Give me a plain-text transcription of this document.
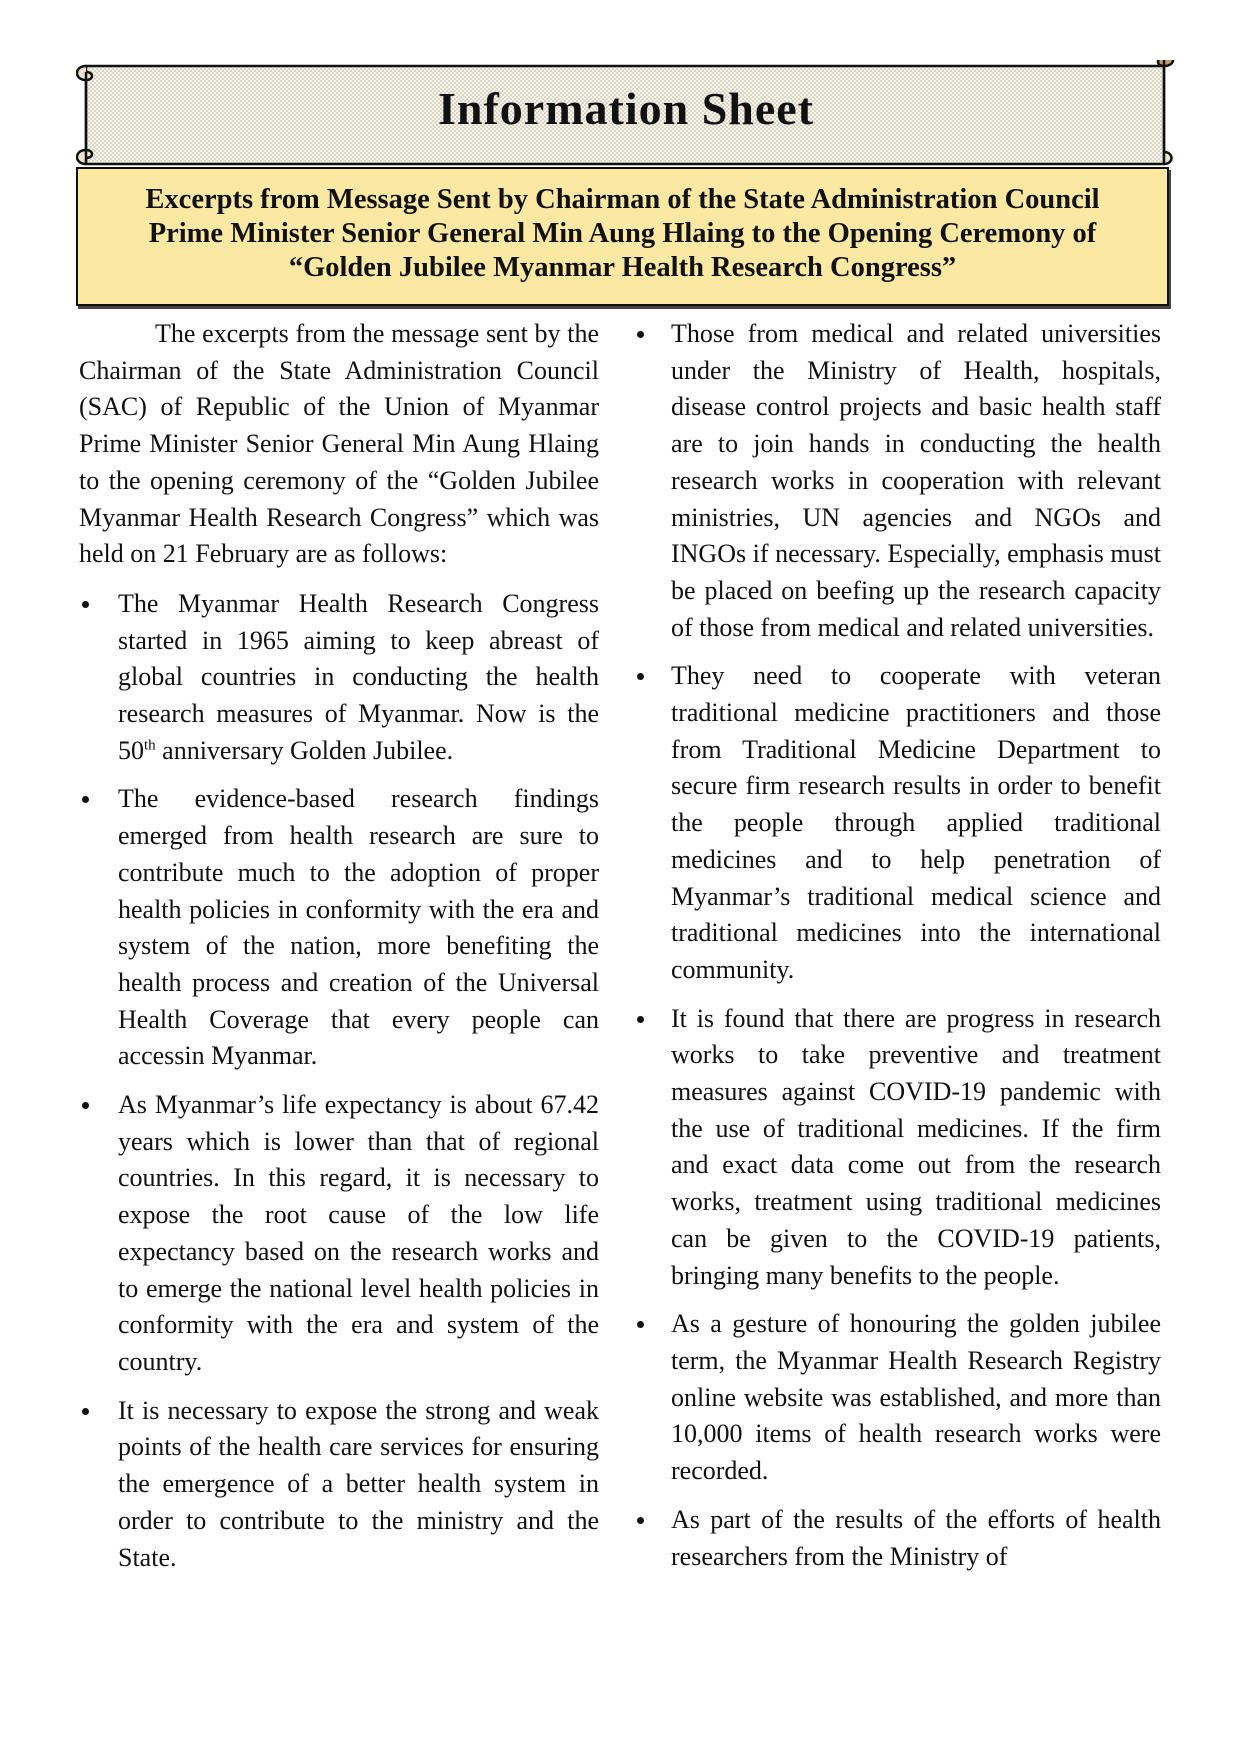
Information Sheet
Excerpts from Message Sent by Chairman of the State Administration Council
Prime Minister Senior General Min Aung Hlaing to the Opening Ceremony of
“Golden Jubilee Myanmar Health Research Congress”

The excerpts from the message sent by the Chairman of the State Administration Council (SAC) of Republic of the Union of Myanmar Prime Minister Senior General Min Aung Hlaing to the opening ceremony of the “Golden Jubilee Myanmar Health Research Congress” which was held on 21 February are as follows:

The Myanmar Health Research Congress started in 1965 aiming to keep abreast of global countries in conducting the health research measures of Myanmar. Now is the 50th anniversary Golden Jubilee.
The evidence-based research findings emerged from health research are sure to contribute much to the adoption of proper health policies in conformity with the era and system of the nation, more benefiting the health process and creation of the Universal Health Coverage that every people can accessin Myanmar.
As Myanmar’s life expectancy is about 67.42 years which is lower than that of regional countries. In this regard, it is necessary to expose the root cause of the low life expectancy based on the research works and to emerge the national level health policies in conformity with the era and system of the country.
It is necessary to expose the strong and weak points of the health care services for ensuring the emergence of a better health system in order to contribute to the ministry and the State.
Those from medical and related universities under the Ministry of Health, hospitals, disease control projects and basic health staff are to join hands in conducting the health research works in cooperation with relevant ministries, UN agencies and NGOs and INGOs if necessary. Especially, emphasis must be placed on beefing up the research capacity of those from medical and related universities.
They need to cooperate with veteran traditional medicine practitioners and those from Traditional Medicine Department to secure firm research results in order to benefit the people through applied traditional medicines and to help penetration of Myanmar’s traditional medical science and traditional medicines into the international community.
It is found that there are progress in research works to take preventive and treatment measures against COVID-19 pandemic with the use of traditional medicines. If the firm and exact data come out from the research works, treatment using traditional medicines can be given to the COVID-19 patients, bringing many benefits to the people.
As a gesture of honouring the golden jubilee term, the Myanmar Health Research Registry online website was established, and more than 10,000 items of health research works were recorded.
As part of the results of the efforts of health researchers from the Ministry of
